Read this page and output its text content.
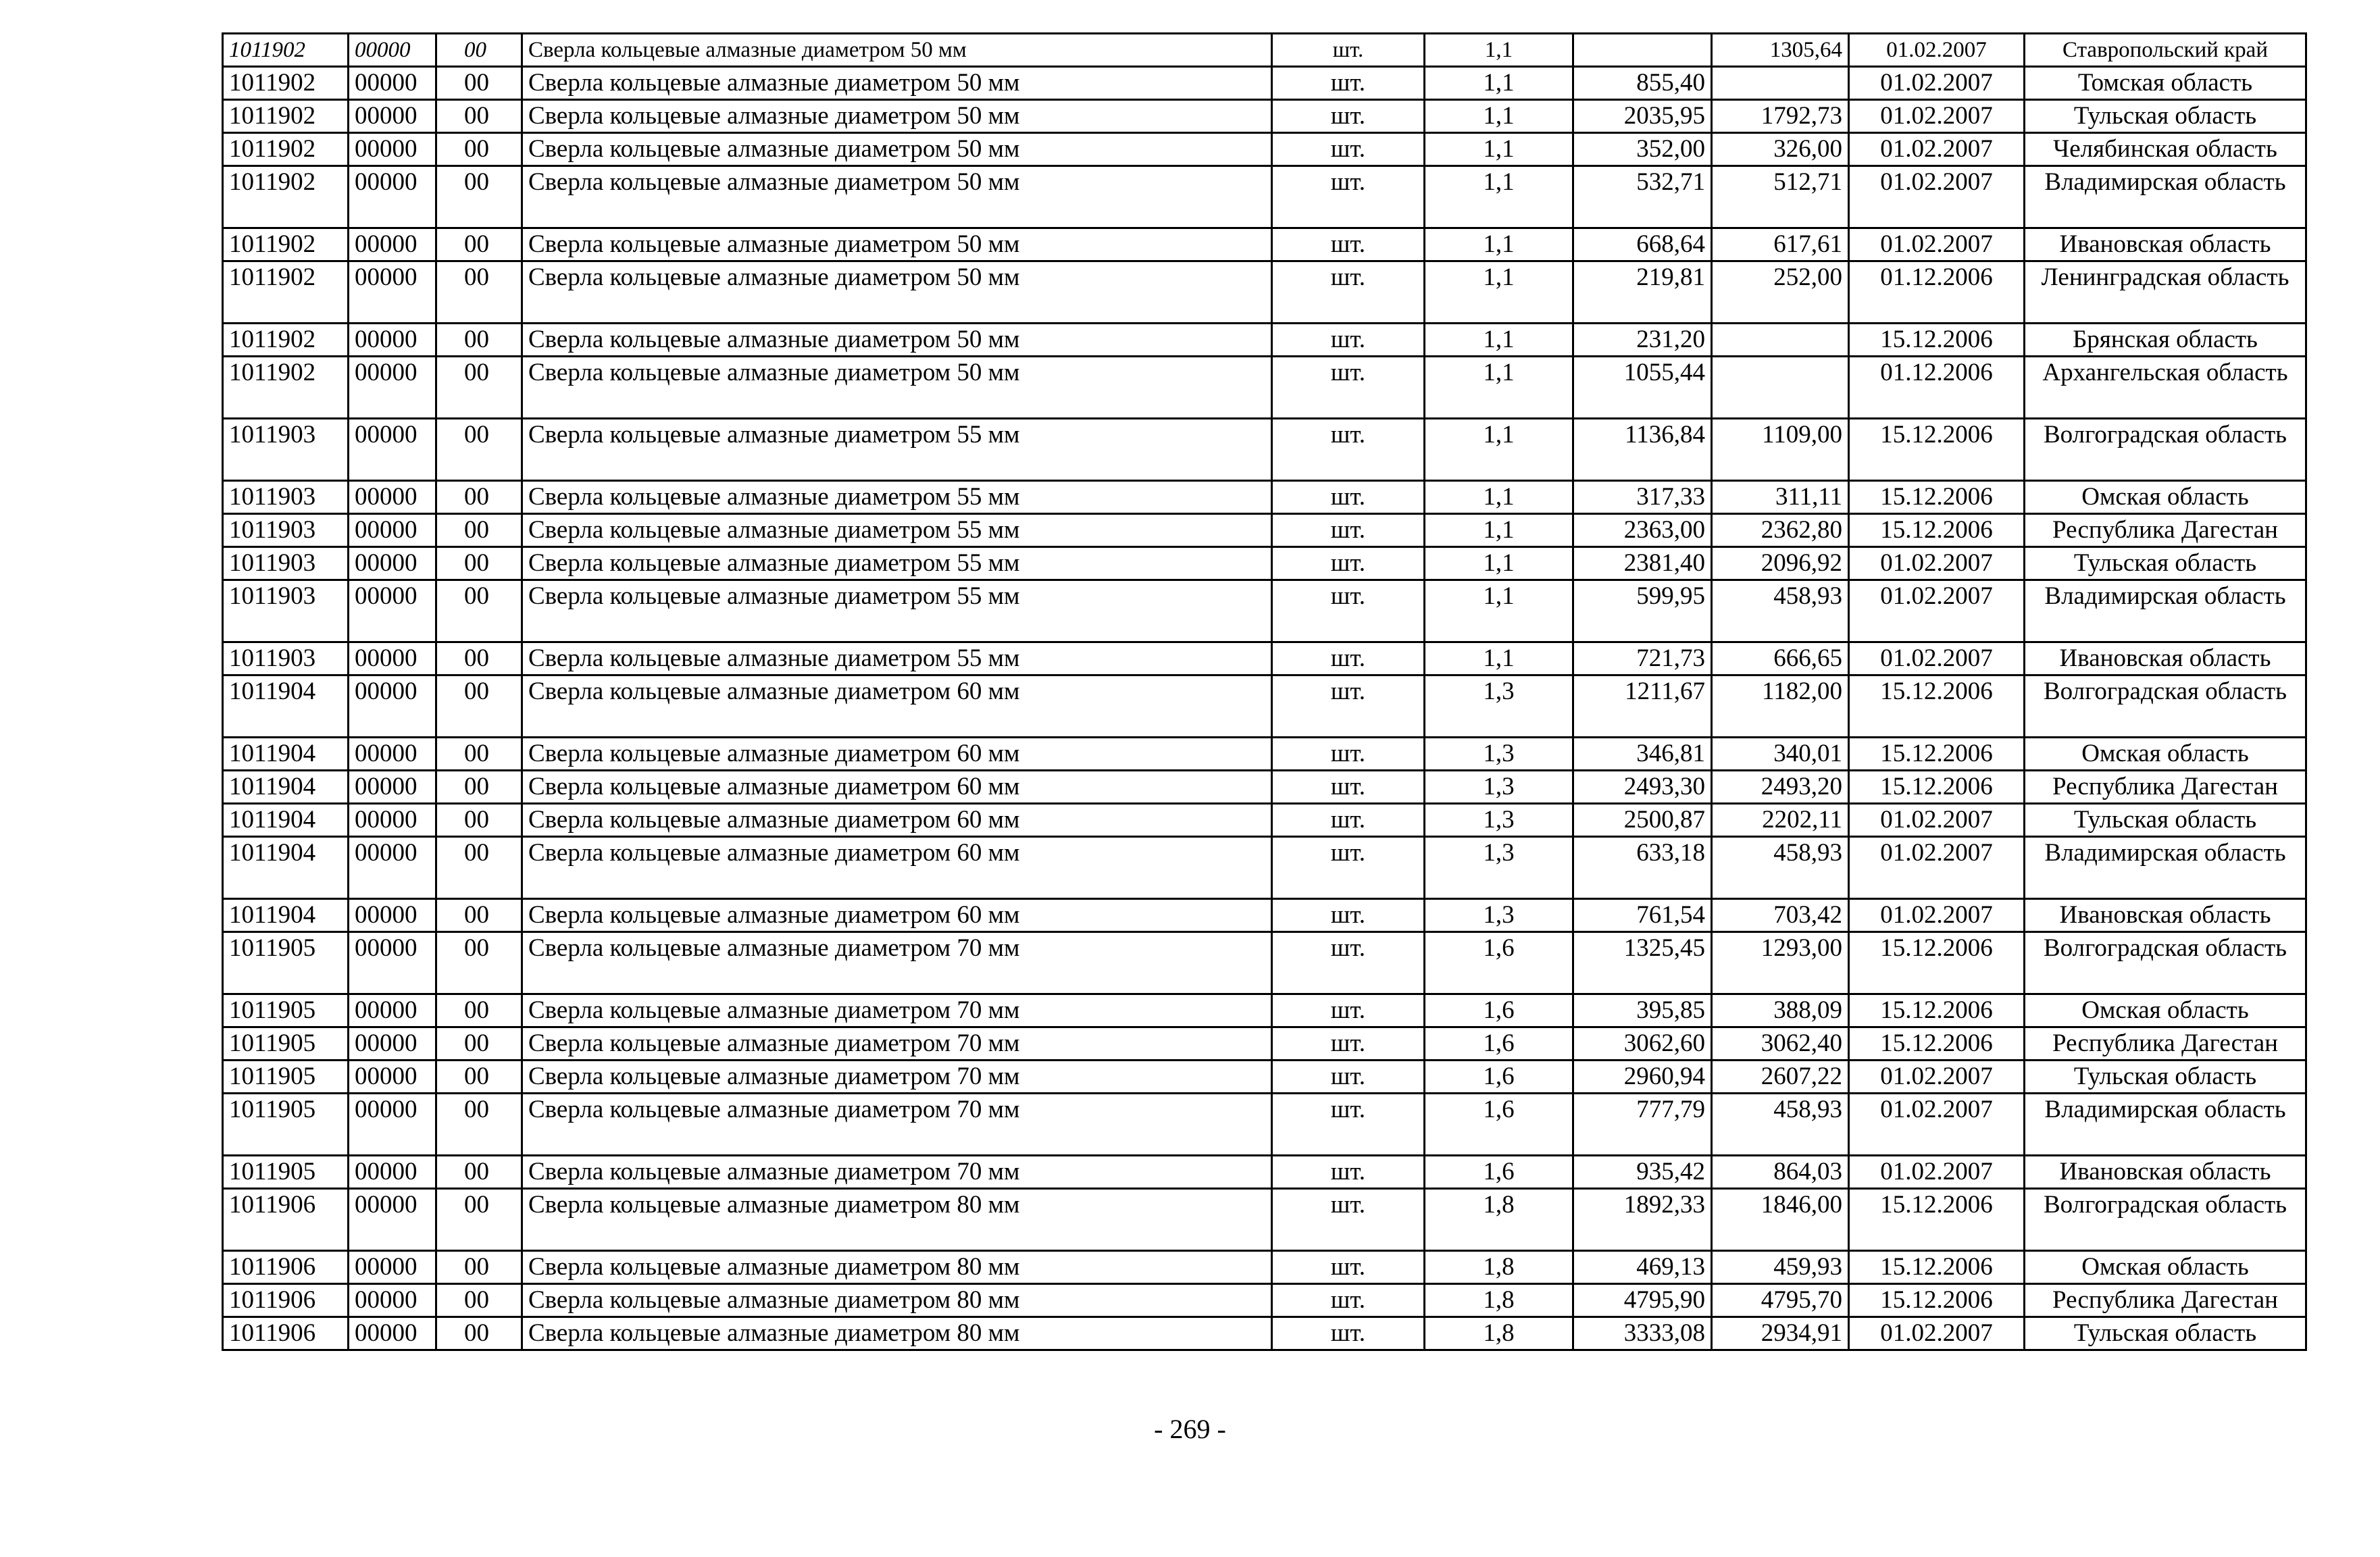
1011902	00000	00	Сверла кольцевые алмазные диаметром 50 мм	шт.	1,1		1305,64	01.02.2007	Ставропольский край
1011902	00000	00	Сверла кольцевые алмазные диаметром 50 мм	шт.	1,1	855,40		01.02.2007	Томская область
1011902	00000	00	Сверла кольцевые алмазные диаметром 50 мм	шт.	1,1	2035,95	1792,73	01.02.2007	Тульская область
1011902	00000	00	Сверла кольцевые алмазные диаметром 50 мм	шт.	1,1	352,00	326,00	01.02.2007	Челябинская область
1011902	00000	00	Сверла кольцевые алмазные диаметром 50 мм	шт.	1,1	532,71	512,71	01.02.2007	Владимирская область
1011902	00000	00	Сверла кольцевые алмазные диаметром 50 мм	шт.	1,1	668,64	617,61	01.02.2007	Ивановская область
1011902	00000	00	Сверла кольцевые алмазные диаметром 50 мм	шт.	1,1	219,81	252,00	01.12.2006	Ленинградская область
1011902	00000	00	Сверла кольцевые алмазные диаметром 50 мм	шт.	1,1	231,20		15.12.2006	Брянская область
1011902	00000	00	Сверла кольцевые алмазные диаметром 50 мм	шт.	1,1	1055,44		01.12.2006	Архангельская область
1011903	00000	00	Сверла кольцевые алмазные диаметром 55 мм	шт.	1,1	1136,84	1109,00	15.12.2006	Волгоградская область
1011903	00000	00	Сверла кольцевые алмазные диаметром 55 мм	шт.	1,1	317,33	311,11	15.12.2006	Омская область
1011903	00000	00	Сверла кольцевые алмазные диаметром 55 мм	шт.	1,1	2363,00	2362,80	15.12.2006	Республика Дагестан
1011903	00000	00	Сверла кольцевые алмазные диаметром 55 мм	шт.	1,1	2381,40	2096,92	01.02.2007	Тульская область
1011903	00000	00	Сверла кольцевые алмазные диаметром 55 мм	шт.	1,1	599,95	458,93	01.02.2007	Владимирская область
1011903	00000	00	Сверла кольцевые алмазные диаметром 55 мм	шт.	1,1	721,73	666,65	01.02.2007	Ивановская область
1011904	00000	00	Сверла кольцевые алмазные диаметром 60 мм	шт.	1,3	1211,67	1182,00	15.12.2006	Волгоградская область
1011904	00000	00	Сверла кольцевые алмазные диаметром 60 мм	шт.	1,3	346,81	340,01	15.12.2006	Омская область
1011904	00000	00	Сверла кольцевые алмазные диаметром 60 мм	шт.	1,3	2493,30	2493,20	15.12.2006	Республика Дагестан
1011904	00000	00	Сверла кольцевые алмазные диаметром 60 мм	шт.	1,3	2500,87	2202,11	01.02.2007	Тульская область
1011904	00000	00	Сверла кольцевые алмазные диаметром 60 мм	шт.	1,3	633,18	458,93	01.02.2007	Владимирская область
1011904	00000	00	Сверла кольцевые алмазные диаметром 60 мм	шт.	1,3	761,54	703,42	01.02.2007	Ивановская область
1011905	00000	00	Сверла кольцевые алмазные диаметром 70 мм	шт.	1,6	1325,45	1293,00	15.12.2006	Волгоградская область
1011905	00000	00	Сверла кольцевые алмазные диаметром 70 мм	шт.	1,6	395,85	388,09	15.12.2006	Омская область
1011905	00000	00	Сверла кольцевые алмазные диаметром 70 мм	шт.	1,6	3062,60	3062,40	15.12.2006	Республика Дагестан
1011905	00000	00	Сверла кольцевые алмазные диаметром 70 мм	шт.	1,6	2960,94	2607,22	01.02.2007	Тульская область
1011905	00000	00	Сверла кольцевые алмазные диаметром 70 мм	шт.	1,6	777,79	458,93	01.02.2007	Владимирская область
1011905	00000	00	Сверла кольцевые алмазные диаметром 70 мм	шт.	1,6	935,42	864,03	01.02.2007	Ивановская область
1011906	00000	00	Сверла кольцевые алмазные диаметром 80 мм	шт.	1,8	1892,33	1846,00	15.12.2006	Волгоградская область
1011906	00000	00	Сверла кольцевые алмазные диаметром 80 мм	шт.	1,8	469,13	459,93	15.12.2006	Омская область
1011906	00000	00	Сверла кольцевые алмазные диаметром 80 мм	шт.	1,8	4795,90	4795,70	15.12.2006	Республика Дагестан
1011906	00000	00	Сверла кольцевые алмазные диаметром 80 мм	шт.	1,8	3333,08	2934,91	01.02.2007	Тульская область
- 269 -
